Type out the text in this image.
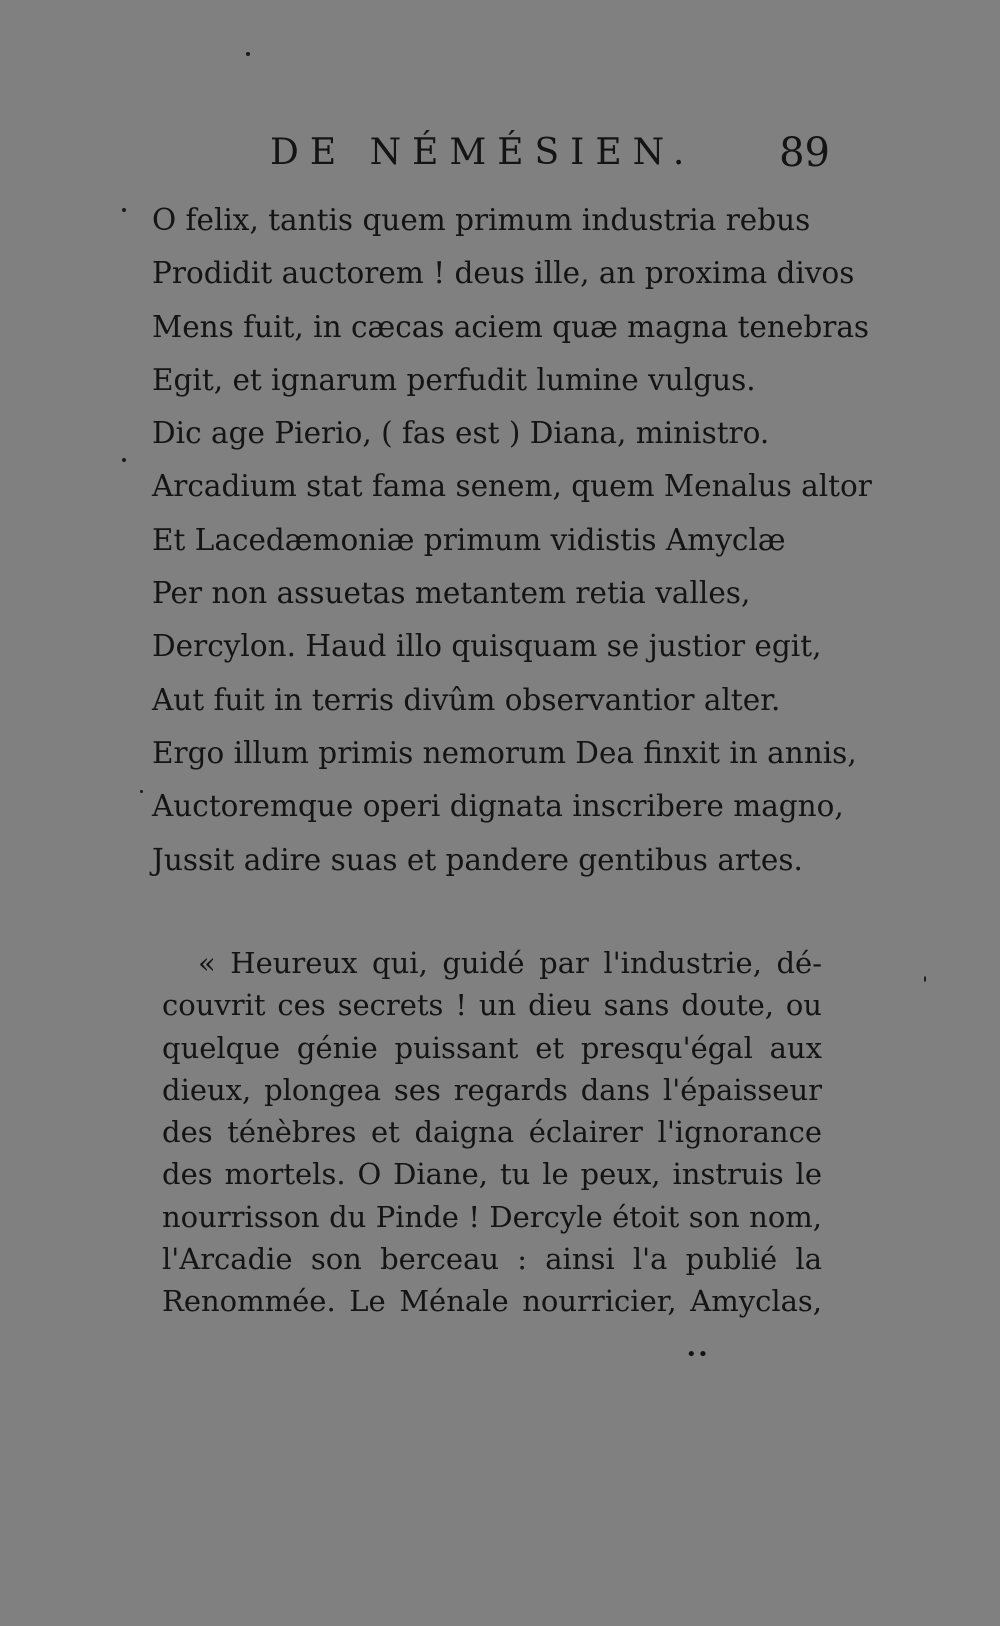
DE NÉMÉSIEN. 89
O felix, tantis quem primum industria rebus
Prodidit auctorem ! deus ille, an proxima divos
Mens fuit, in cæcas aciem quæ magna tenebras
Egit, et ignarum perfudit lumine vulgus.
Dic age Pierio, ( fas est ) Diana, ministro.
Arcadium stat fama senem, quem Menalus altor
Et Lacedæmoniæ primum vidistis Amyclæ
Per non assuetas metantem retia valles,
Dercylon. Haud illo quisquam se justior egit,
Aut fuit in terris divûm observantior alter.
Ergo illum primis nemorum Dea finxit in annis,
Auctoremque operi dignata inscribere magno,
Jussit adire suas et pandere gentibus artes.
« Heureux qui, guidé par l'industrie, dé-
couvrit ces secrets ! un dieu sans doute, ou
quelque génie puissant et presqu'égal aux
dieux, plongea ses regards dans l'épaisseur
des ténèbres et daigna éclairer l'ignorance
des mortels. O Diane, tu le peux, instruis le
nourrisson du Pinde ! Dercyle étoit son nom,
l'Arcadie son berceau : ainsi l'a publié la
Renommée. Le Ménale nourricier, Amyclas,
••
